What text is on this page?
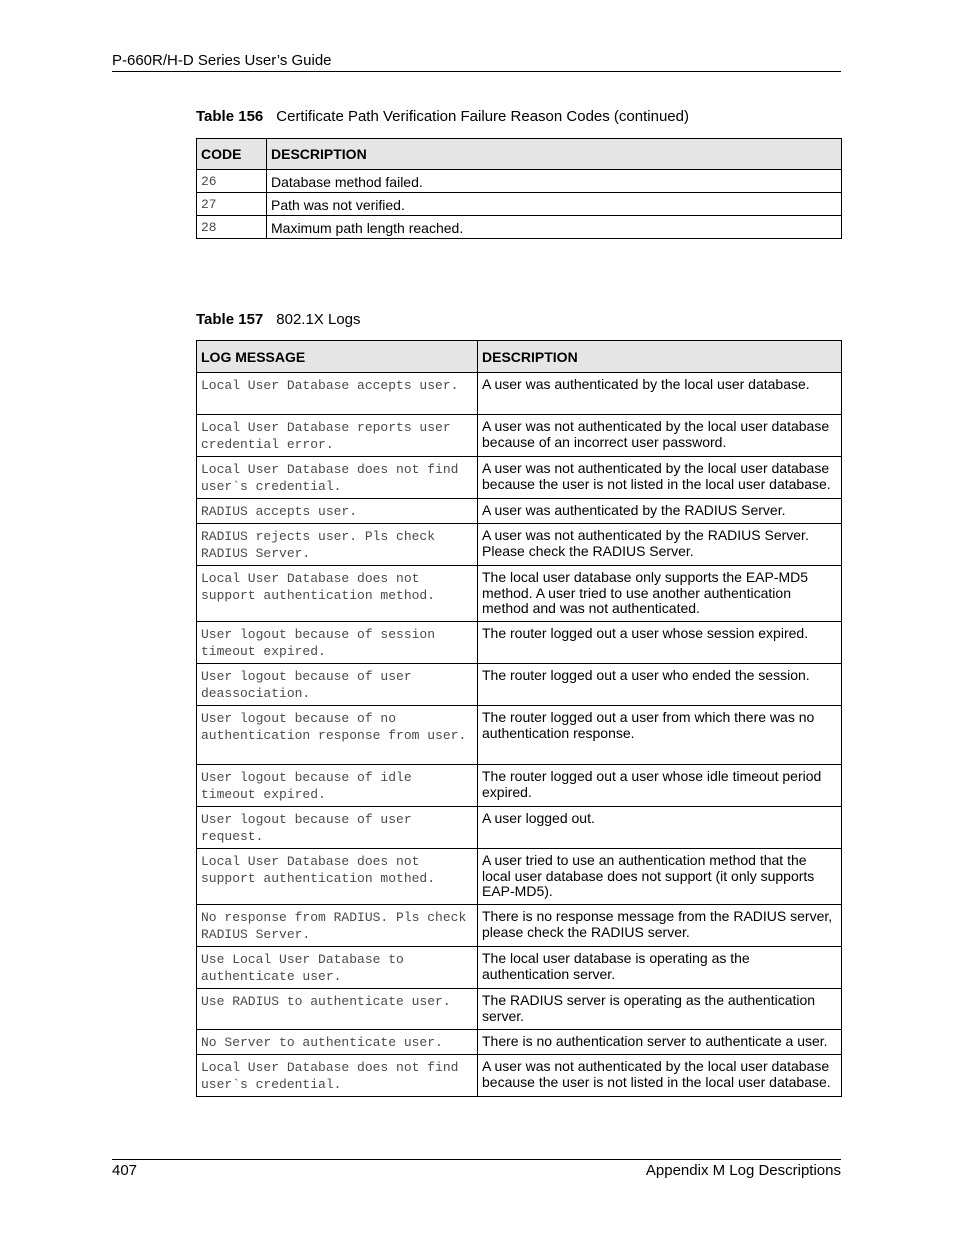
P-660R/H-D Series User’s Guide
Table 156 Certificate Path Verification Failure Reason Codes (continued)
CODE	DESCRIPTION
26	Database method failed.
27	Path was not verified.
28	Maximum path length reached.
Table 157 802.1X Logs
LOG MESSAGE	DESCRIPTION
Local User Database accepts user.	A user was authenticated by the local user database.
Local User Database reports user credential error.	A user was not authenticated by the local user database because of an incorrect user password.
Local User Database does not find user`s credential.	A user was not authenticated by the local user database because the user is not listed in the local user database.
RADIUS accepts user.	A user was authenticated by the RADIUS Server.
RADIUS rejects user. Pls check RADIUS Server.	A user was not authenticated by the RADIUS Server. Please check the RADIUS Server.
Local User Database does not support authentication method.	The local user database only supports the EAP-MD5 method. A user tried to use another authentication method and was not authenticated.
User logout because of session timeout expired.	The router logged out a user whose session expired.
User logout because of user deassociation.	The router logged out a user who ended the session.
User logout because of no authentication response from user.	The router logged out a user from which there was no authentication response.
User logout because of idle timeout expired.	The router logged out a user whose idle timeout period expired.
User logout because of user request.	A user logged out.
Local User Database does not support authentication mothed.	A user tried to use an authentication method that the local user database does not support (it only supports EAP-MD5).
No response from RADIUS. Pls check RADIUS Server.	There is no response message from the RADIUS server, please check the RADIUS server.
Use Local User Database to authenticate user.	The local user database is operating as the authentication server.
Use RADIUS to authenticate user.	The RADIUS server is operating as the authentication server.
No Server to authenticate user.	There is no authentication server to authenticate a user.
Local User Database does not find user`s credential.	A user was not authenticated by the local user database because the user is not listed in the local user database.
407	Appendix M Log Descriptions
